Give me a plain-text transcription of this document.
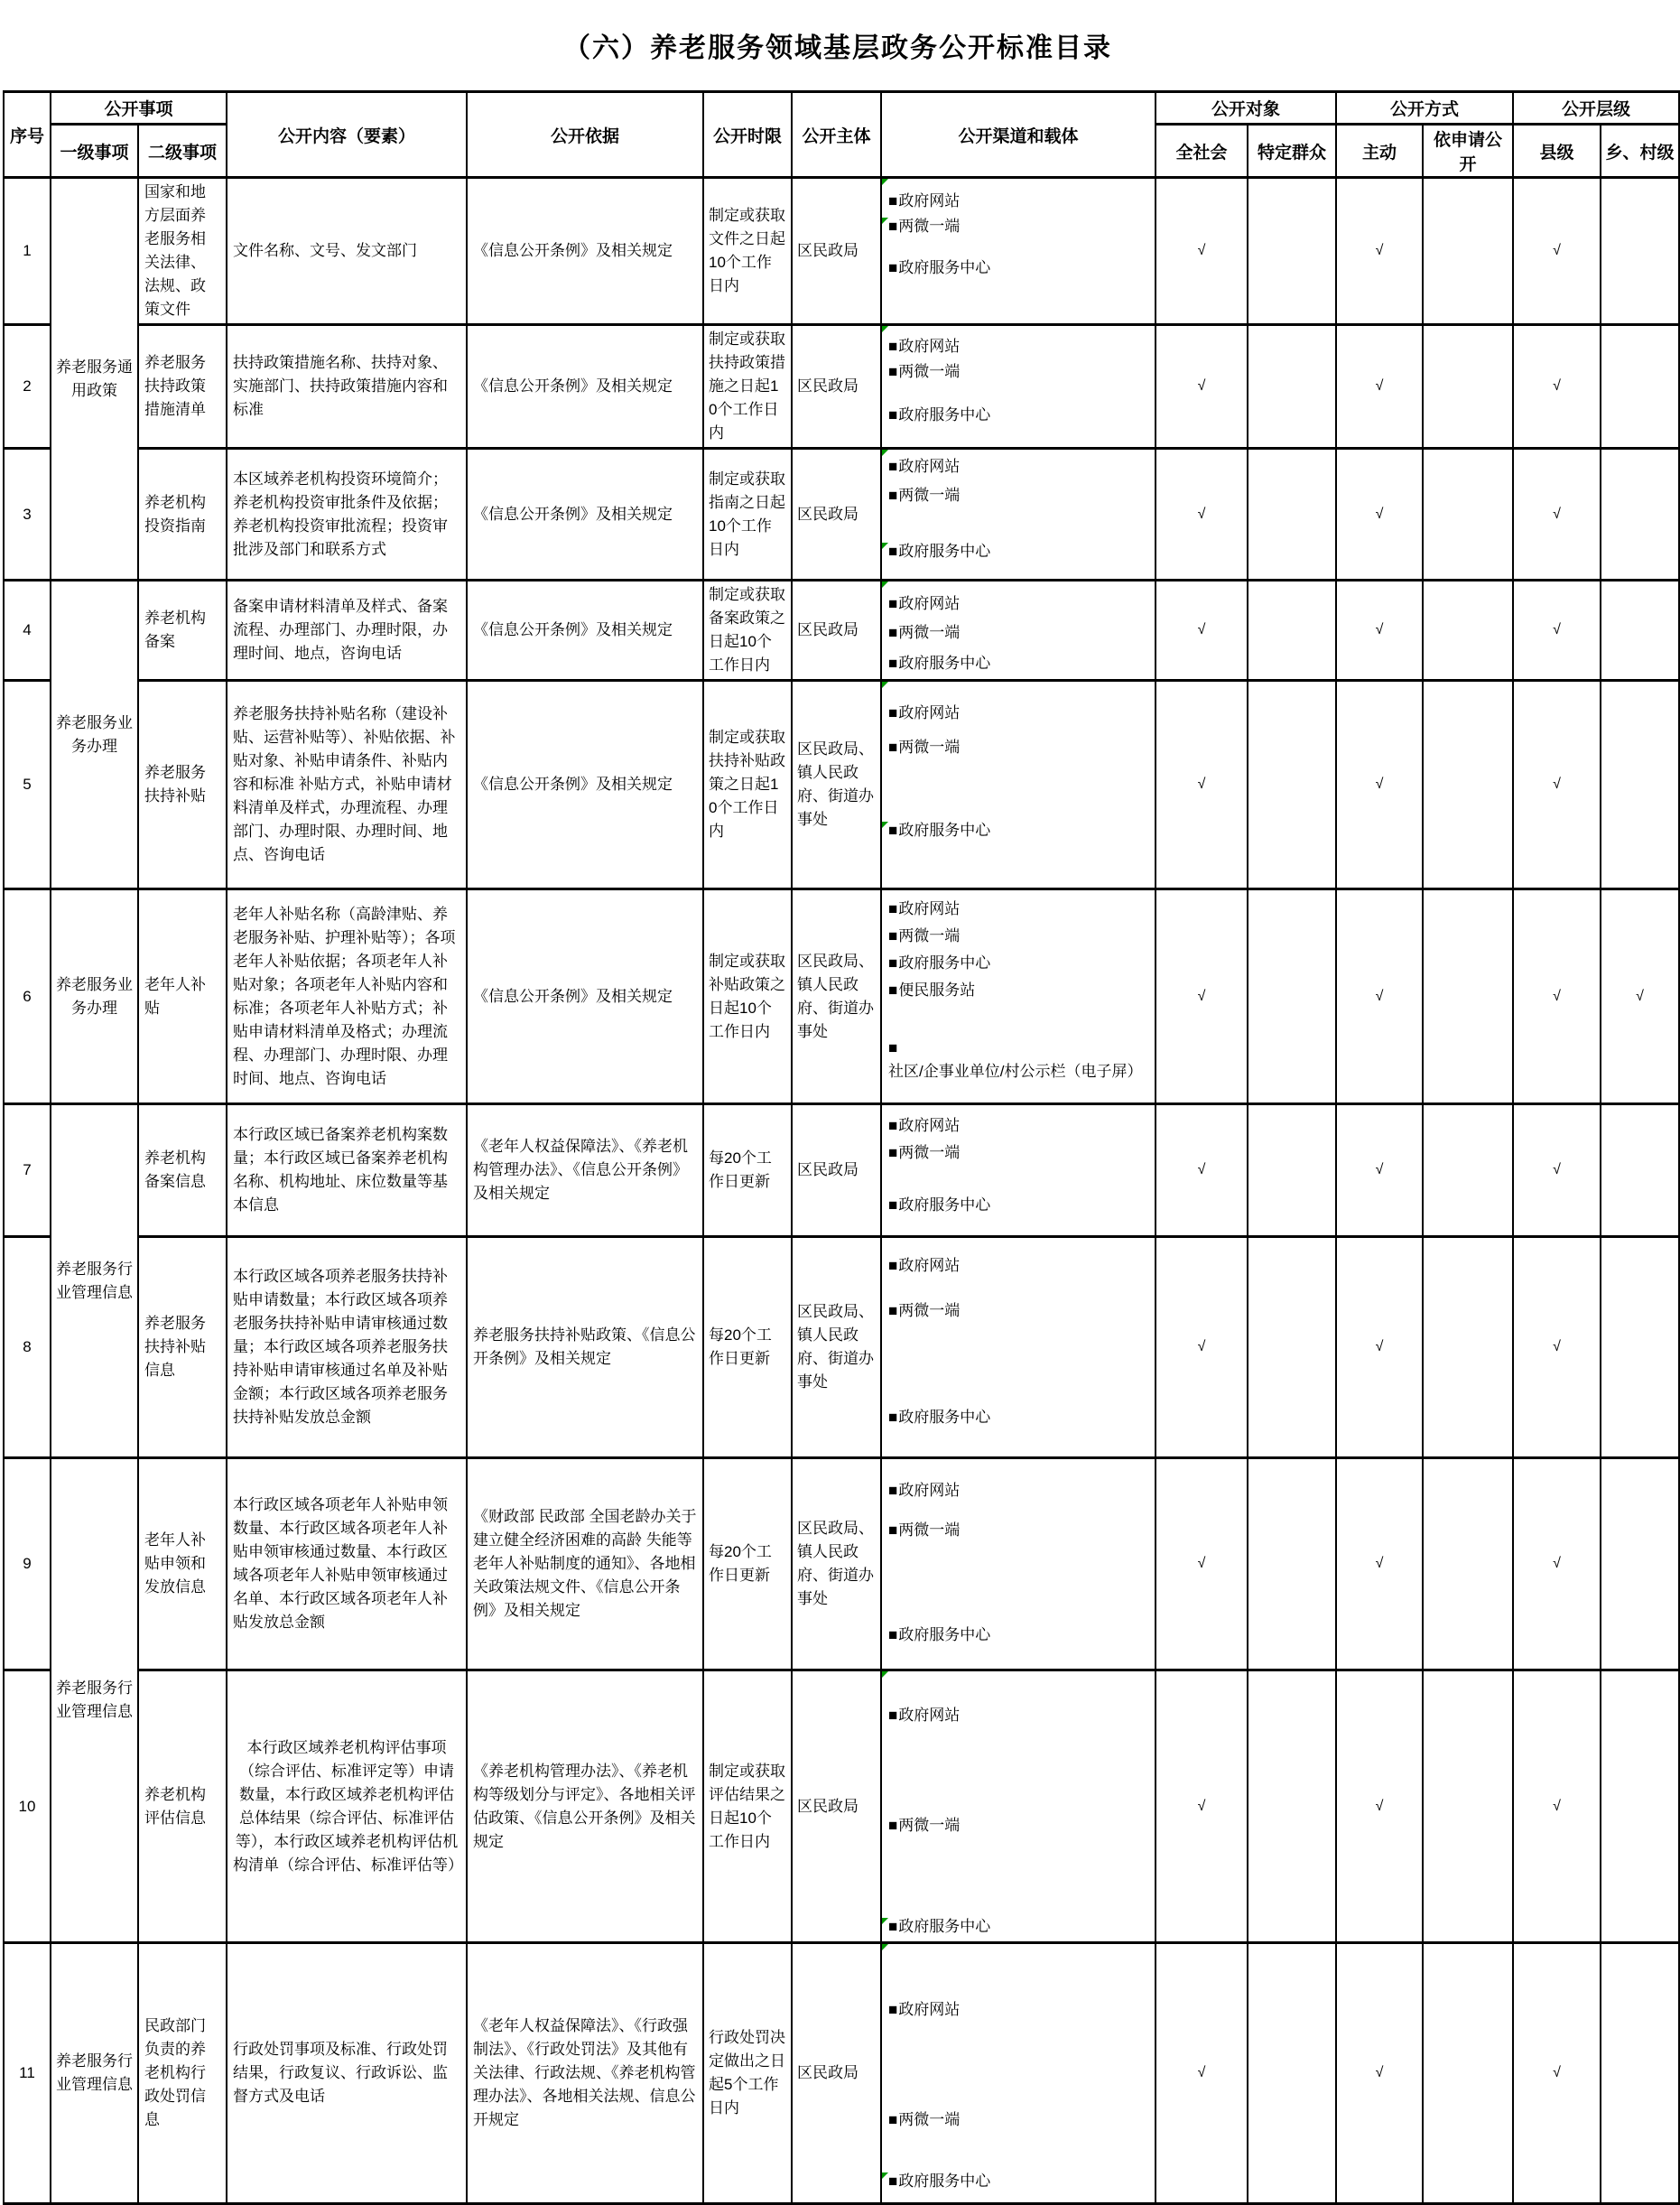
（六）养老服务领域基层政务公开标准目录
序号	公开事项		公开内容（要素）	公开依据	公开时限	公开主体	公开渠道和载体	公开对象		公开方式		公开层级	
	一级事项	二级事项						全社会	特定群众	主动	依申请公开	县级	乡、村级
1	养老服务通用政策	国家和地方层面养老服务相关法律、法规、政策文件	文件名称、文号、发文部门	《信息公开条例》及相关规定	制定或获取文件之日起10个工作日内	区民政局	■政府网站
■两微一端
■政府服务中心	√		√		√	
2		养老服务扶持政策措施清单	扶持政策措施名称、扶持对象、实施部门、扶持政策措施内容和标准	《信息公开条例》及相关规定	制定或获取扶持政策措施之日起10个工作日内	区民政局	■政府网站
■两微一端
■政府服务中心	√		√		√	
3		养老机构投资指南	本区域养老机构投资环境简介；养老机构投资审批条件及依据；养老机构投资审批流程；投资审批涉及部门和联系方式	《信息公开条例》及相关规定	制定或获取指南之日起10个工作日内	区民政局	■政府网站
■两微一端
■政府服务中心	√		√		√	
4	养老服务业务办理	养老机构备案	备案申请材料清单及样式、备案流程、办理部门、办理时限，办理时间、地点，咨询电话	《信息公开条例》及相关规定	制定或获取备案政策之日起10个工作日内	区民政局	■政府网站
■两微一端
■政府服务中心	√		√		√	
5		养老服务扶持补贴	养老服务扶持补贴名称（建设补贴、运营补贴等）、补贴依据、补贴对象、补贴申请条件、补贴内容和标准 补贴方式，补贴申请材料清单及样式，办理流程、办理部门、办理时限、办理时间、地点、咨询电话	《信息公开条例》及相关规定	制定或获取扶持补贴政策之日起10个工作日内	区民政局、镇人民政府、街道办事处	■政府网站
■两微一端
■政府服务中心	√		√		√	
6	养老服务业务办理	老年人补贴	老年人补贴名称（高龄津贴、养老服务补贴、护理补贴等）；各项老年人补贴依据；各项老年人补贴对象；各项老年人补贴内容和标准；各项老年人补贴方式；补贴申请材料清单及格式；办理流程、办理部门、办理时限、办理时间、地点、咨询电话	《信息公开条例》及相关规定	制定或获取补贴政策之日起10个工作日内	区民政局、镇人民政府、街道办事处	■政府网站
■两微一端
■政府服务中心
■便民服务站
■社区/企事业单位/村公示栏（电子屏）	√		√		√	√
7	养老服务行业管理信息	养老机构备案信息	本行政区域已备案养老机构案数量；本行政区域已备案养老机构名称、机构地址、床位数量等基本信息	《老年人权益保障法》、《养老机构管理办法》、《信息公开条例》及相关规定	每20个工作日更新	区民政局	■政府网站
■两微一端
■政府服务中心	√		√		√	
8		养老服务扶持补贴信息	本行政区域各项养老服务扶持补贴申请数量；本行政区域各项养老服务扶持补贴申请审核通过数量；本行政区域各项养老服务扶持补贴申请审核通过名单及补贴金额；本行政区域各项养老服务扶持补贴发放总金额	养老服务扶持补贴政策、《信息公开条例》及相关规定	每20个工作日更新	区民政局、镇人民政府、街道办事处	■政府网站
■两微一端
■政府服务中心	√		√		√	
9	养老服务行业管理信息	老年人补贴申领和发放信息	本行政区域各项老年人补贴申领数量、本行政区域各项老年人补贴申领审核通过数量、本行政区域各项老年人补贴申领审核通过名单、本行政区域各项老年人补贴发放总金额	《财政部 民政部 全国老龄办关于建立健全经济困难的高龄 失能等老年人补贴制度的通知》、各地相关政策法规文件、《信息公开条例》及相关规定	每20个工作日更新	区民政局、镇人民政府、街道办事处	■政府网站
■两微一端
■政府服务中心	√		√		√	
10		养老机构评估信息	本行政区域养老机构评估事项（综合评估、标准评定等）申请数量，本行政区域养老机构评估总体结果（综合评估、标准评估等），本行政区域养老机构评估机构清单（综合评估、标准评估等）	《养老机构管理办法》、《养老机构等级划分与评定》、各地相关评估政策、《信息公开条例》及相关规定	制定或获取评估结果之日起10个工作日内	区民政局	■政府网站
■两微一端
■政府服务中心	√		√		√	
11	养老服务行业管理信息	民政部门负责的养老机构行政处罚信息	行政处罚事项及标准、行政处罚结果，行政复议、行政诉讼、监督方式及电话	《老年人权益保障法》、《行政强制法》、《行政处罚法》及其他有关法律、行政法规、《养老机构管理办法》、各地相关法规、信息公开规定	行政处罚决定做出之日起5个工作日内	区民政局	■政府网站
■两微一端
■政府服务中心	√		√		√	
